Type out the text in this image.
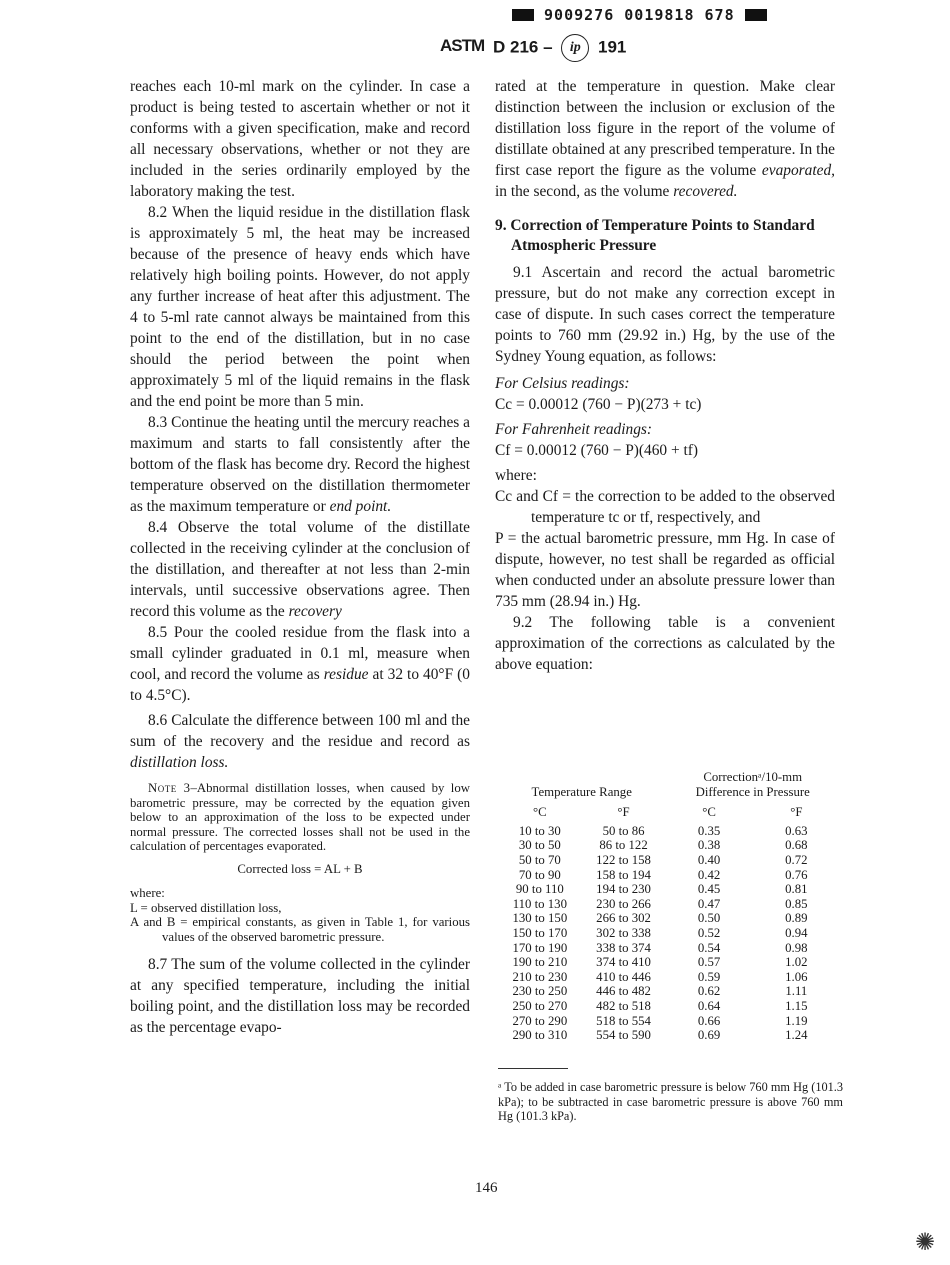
9009276 0019818 678
ASTM D 216 – ip 191

reaches each 10-ml mark on the cylinder. In case a product is being tested to ascertain whether or not it conforms with a given specification, make and record all necessary observations, whether or not they are included in the series ordinarily employed by the laboratory making the test.

8.2 When the liquid residue in the distillation flask is approximately 5 ml, the heat may be increased because of the presence of heavy ends which have relatively high boiling points. However, do not apply any further increase of heat after this adjustment. The 4 to 5-ml rate cannot always be maintained from this point to the end of the distillation, but in no case should the period between the point when approximately 5 ml of the liquid remains in the flask and the end point be more than 5 min.

8.3 Continue the heating until the mercury reaches a maximum and starts to fall consistently after the bottom of the flask has become dry. Record the highest temperature observed on the distillation thermometer as the maximum temperature or end point.

8.4 Observe the total volume of the distillate collected in the receiving cylinder at the conclusion of the distillation, and thereafter at not less than 2-min intervals, until successive observations agree. Then record this volume as the recovery

8.5 Pour the cooled residue from the flask into a small cylinder graduated in 0.1 ml, measure when cool, and record the volume as residue at 32 to 40°F (0 to 4.5°C).

8.6 Calculate the difference between 100 ml and the sum of the recovery and the residue and record as distillation loss.

Note 3–Abnormal distillation losses, when caused by low barometric pressure, may be corrected by the equation given below to an approximation of the loss to be expected under normal pressure. The corrected losses shall not be used in the calculation of percentages evaporated.

Corrected loss = AL + B

where:

L = observed distillation loss,

A and B = empirical constants, as given in Table 1, for various values of the observed barometric pressure.

8.7 The sum of the volume collected in the cylinder at any specified temperature, including the initial boiling point, and the distillation loss may be recorded as the percentage evapo-

rated at the temperature in question. Make clear distinction between the inclusion or exclusion of the distillation loss figure in the report of the volume of distillate obtained at any prescribed temperature. In the first case report the figure as the volume evaporated, in the second, as the volume recovered.

9. Correction of Temperature Points to Standard Atmospheric Pressure

9.1 Ascertain and record the actual barometric pressure, but do not make any correction except in case of dispute. In such cases correct the temperature points to 760 mm (29.92 in.) Hg, by the use of the Sydney Young equation, as follows:

For Celsius readings:

Cc = 0.00012 (760 − P)(273 + tc)

For Fahrenheit readings:

Cf = 0.00012 (760 − P)(460 + tf)

where:

Cc and Cf = the correction to be added to the observed temperature tc or tf, respectively, and

P = the actual barometric pressure, mm Hg. In case of dispute, however, no test shall be regarded as official when conducted under an absolute pressure lower than 735 mm (28.94 in.) Hg.

9.2 The following table is a convenient approximation of the corrections as calculated by the above equation:

Temperature Range		Correctionᵃ/10-mm
Difference in Pressure	

°C	°F	°C	°F
10 to 30	50 to 86	0.35	0.63
30 to 50	86 to 122	0.38	0.68
50 to 70	122 to 158	0.40	0.72
70 to 90	158 to 194	0.42	0.76
90 to 110	194 to 230	0.45	0.81
110 to 130	230 to 266	0.47	0.85
130 to 150	266 to 302	0.50	0.89
150 to 170	302 to 338	0.52	0.94
170 to 190	338 to 374	0.54	0.98
190 to 210	374 to 410	0.57	1.02
210 to 230	410 to 446	0.59	1.06
230 to 250	446 to 482	0.62	1.11
250 to 270	482 to 518	0.64	1.15
270 to 290	518 to 554	0.66	1.19
290 to 310	554 to 590	0.69	1.24
ᵃ To be added in case barometric pressure is below 760 mm Hg (101.3 kPa); to be subtracted in case barometric pressure is above 760 mm Hg (101.3 kPa).
146
✺
